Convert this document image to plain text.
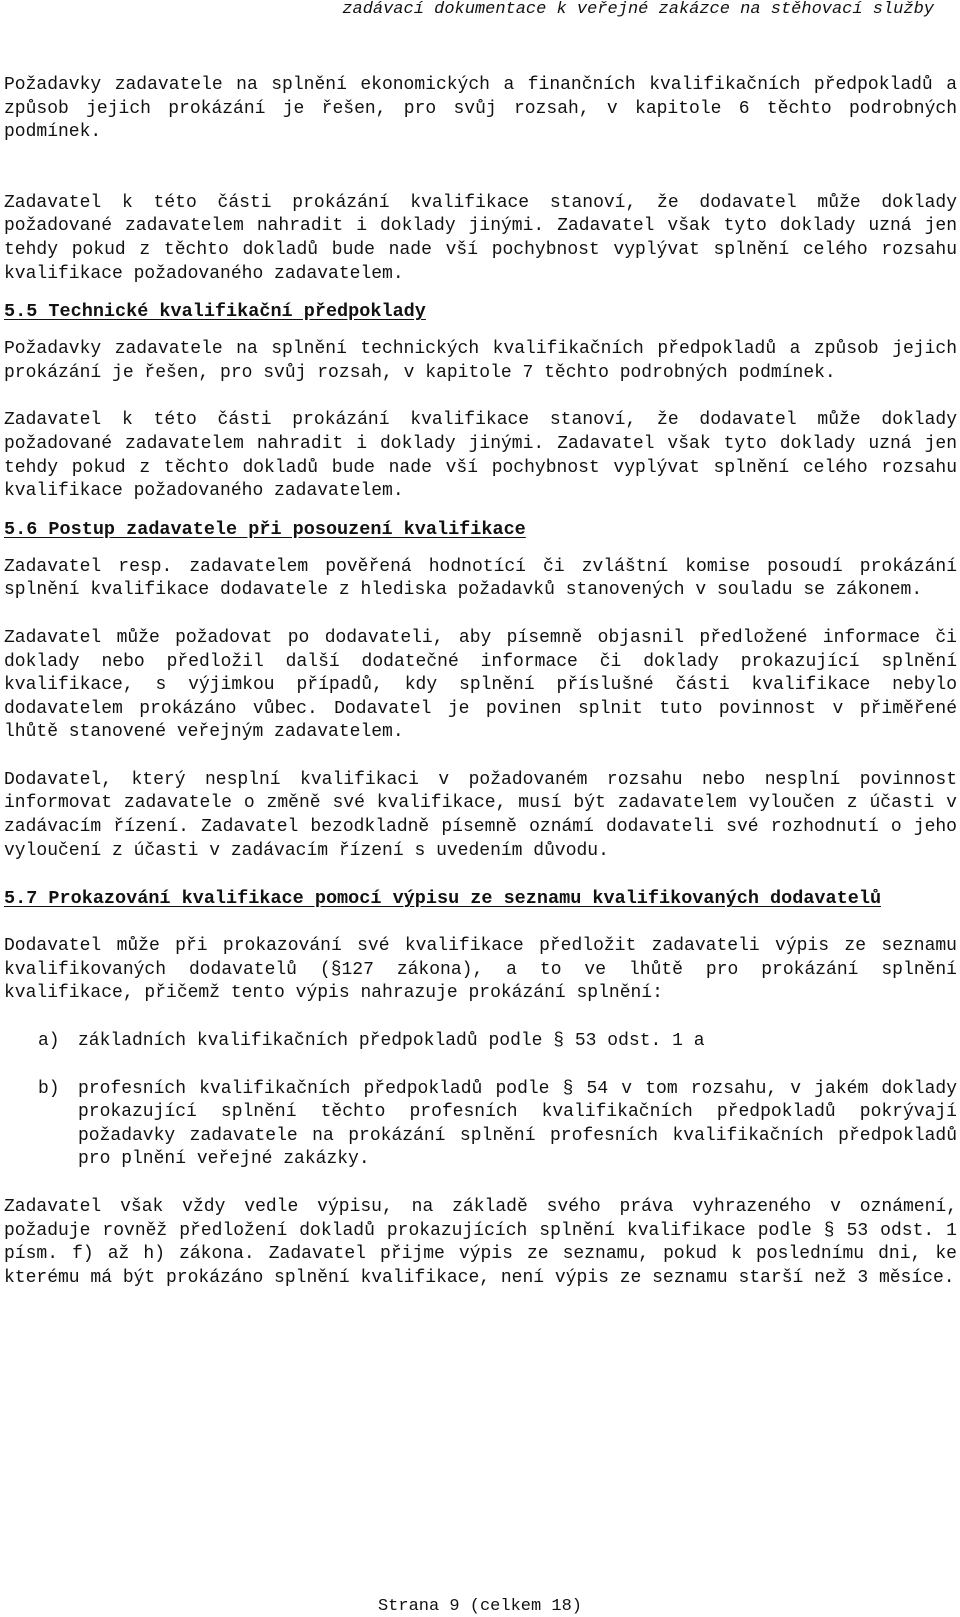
zadávací dokumentace k veřejné zakázce na stěhovací služby

Požadavky zadavatele na splnění ekonomických a finančních kvalifikačních předpokladů a způsob jejich prokázání je řešen, pro svůj rozsah, v kapitole 6 těchto podrobných podmínek.

Zadavatel k této části prokázání kvalifikace stanoví, že dodavatel může doklady požadované zadavatelem nahradit i doklady jinými. Zadavatel však tyto doklady uzná jen tehdy pokud z těchto dokladů bude nade vší pochybnost vyplývat splnění celého rozsahu kvalifikace požadovaného zadavatelem.

5.5 Technické kvalifikační předpoklady

Požadavky zadavatele na splnění technických kvalifikačních předpokladů a způsob jejich prokázání je řešen, pro svůj rozsah, v kapitole 7 těchto podrobných podmínek.

Zadavatel k této části prokázání kvalifikace stanoví, že dodavatel může doklady požadované zadavatelem nahradit i doklady jinými. Zadavatel však tyto doklady uzná jen tehdy pokud z těchto dokladů bude nade vší pochybnost vyplývat splnění celého rozsahu kvalifikace požadovaného zadavatelem.

5.6 Postup zadavatele při posouzení kvalifikace

Zadavatel resp. zadavatelem pověřená hodnotící či zvláštní komise posoudí prokázání splnění kvalifikace dodavatele z hlediska požadavků stanovených v souladu se zákonem.

Zadavatel může požadovat po dodavateli, aby písemně objasnil předložené informace či doklady nebo předložil další dodatečné informace či doklady prokazující splnění kvalifikace, s výjimkou případů, kdy splnění příslušné části kvalifikace nebylo dodavatelem prokázáno vůbec. Dodavatel je povinen splnit tuto povinnost v přiměřené lhůtě stanovené veřejným zadavatelem.

Dodavatel, který nesplní kvalifikaci v požadovaném rozsahu nebo nesplní povinnost informovat zadavatele o změně své kvalifikace, musí být zadavatelem vyloučen z účasti v zadávacím řízení. Zadavatel bezodkladně písemně oznámí dodavateli své rozhodnutí o jeho vyloučení z účasti v zadávacím řízení s uvedením důvodu.

5.7 Prokazování kvalifikace pomocí výpisu ze seznamu kvalifikovaných dodavatelů

Dodavatel může při prokazování své kvalifikace předložit zadavateli výpis ze seznamu kvalifikovaných dodavatelů (§127 zákona), a to ve lhůtě pro prokázání splnění kvalifikace, přičemž tento výpis nahrazuje prokázání splnění:

a)	základních kvalifikačních předpokladů podle § 53 odst. 1 a
b)	profesních kvalifikačních předpokladů podle § 54 v tom rozsahu, v jakém doklady prokazující splnění těchto profesních kvalifikačních předpokladů pokrývají požadavky zadavatele na prokázání splnění profesních kvalifikačních předpokladů pro plnění veřejné zakázky.

Zadavatel však vždy vedle výpisu, na základě svého práva vyhrazeného v oznámení, požaduje rovněž předložení dokladů prokazujících splnění kvalifikace podle § 53 odst. 1 písm. f) až h) zákona. Zadavatel přijme výpis ze seznamu, pokud k poslednímu dni, ke kterému má být prokázáno splnění kvalifikace, není výpis ze seznamu starší než 3 měsíce.

Strana 9 (celkem 18)
